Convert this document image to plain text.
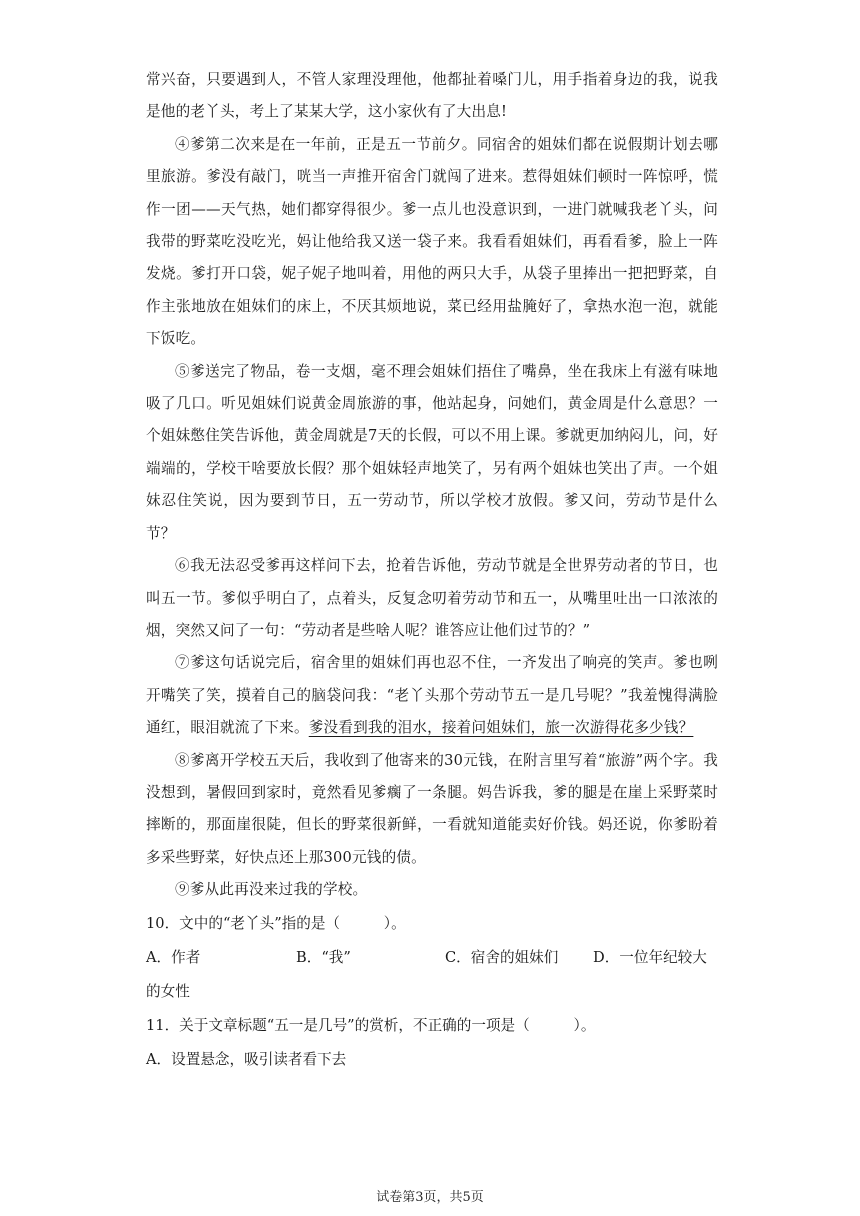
常兴奋，只要遇到人，不管人家理没理他，他都扯着嗓门儿，用手指着身边的我，说我是他的老丫头，考上了某某大学，这小家伙有了大出息!

④爹第二次来是在一年前，正是五一节前夕。同宿舍的姐妹们都在说假期计划去哪里旅游。爹没有敲门，咣当一声推开宿舍门就闯了进来。惹得姐妹们顿时一阵惊呼，慌作一团——天气热，她们都穿得很少。爹一点儿也没意识到，一进门就喊我老丫头，问我带的野菜吃没吃光，妈让他给我又送一袋子来。我看看姐妹们，再看看爹，脸上一阵发烧。爹打开口袋，妮子妮子地叫着，用他的两只大手，从袋子里捧出一把把野菜，自作主张地放在姐妹们的床上，不厌其烦地说，菜已经用盐腌好了，拿热水泡一泡，就能下饭吃。

⑤爹送完了物品，卷一支烟，毫不理会姐妹们捂住了嘴鼻，坐在我床上有滋有味地吸了几口。听见姐妹们说黄金周旅游的事，他站起身，问她们，黄金周是什么意思？一个姐妹憋住笑告诉他，黄金周就是7天的长假，可以不用上课。爹就更加纳闷儿，问，好端端的，学校干啥要放长假？那个姐妹轻声地笑了，另有两个姐妹也笑出了声。一个姐妹忍住笑说，因为要到节日，五一劳动节，所以学校才放假。爹又问，劳动节是什么节？

⑥我无法忍受爹再这样问下去，抢着告诉他，劳动节就是全世界劳动者的节日，也叫五一节。爹似乎明白了，点着头，反复念叨着劳动节和五一，从嘴里吐出一口浓浓的烟，突然又问了一句：“劳动者是些啥人呢？谁答应让他们过节的？”

⑦爹这句话说完后，宿舍里的姐妹们再也忍不住，一齐发出了响亮的笑声。爹也咧开嘴笑了笑，摸着自己的脑袋问我：“老丫头那个劳动节五一是几号呢？”我羞愧得满脸通红，眼泪就流了下来。爹没看到我的泪水，接着问姐妹们，旅一次游得花多少钱？

⑧爹离开学校五天后，我收到了他寄来的30元钱，在附言里写着“旅游”两个字。我没想到，暑假回到家时，竟然看见爹瘸了一条腿。妈告诉我，爹的腿是在崖上采野菜时摔断的，那面崖很陡，但长的野菜很新鲜，一看就知道能卖好价钱。妈还说，你爹盼着多采些野菜，好快点还上那300元钱的债。

⑨爹从此再没来过我的学校。

10．文中的“老丫头”指的是（　　　）。

A．作者	B．“我”	C．宿舍的姐妹们 D．一位年纪较大

的女性

11．关于文章标题“五一是几号”的赏析，不正确的一项是（　　　）。

A．设置悬念，吸引读者看下去

试卷第3页，共5页
